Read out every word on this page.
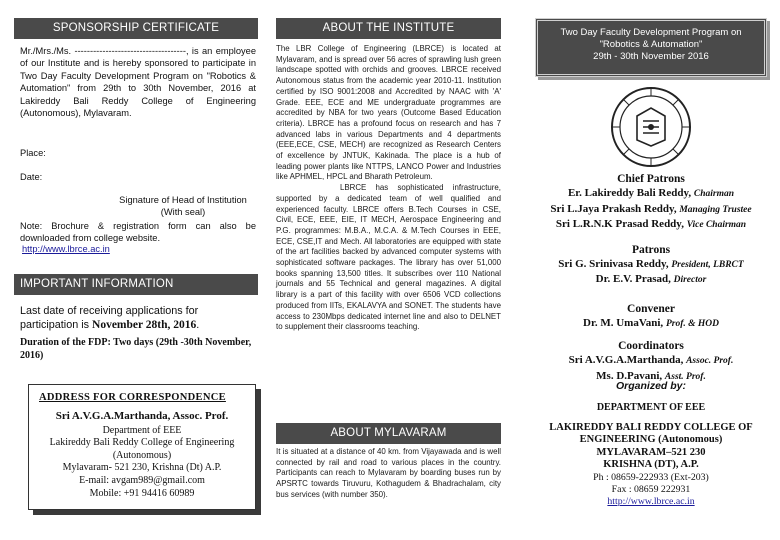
SPONSORSHIP CERTIFICATE
Mr./Mrs./Ms. ------------------------------------, is an employee of our Institute and is hereby sponsored to participate in Two Day Faculty Development Program on "Robotics & Automation" from 29th to 30th November, 2016 at Lakireddy Bali Reddy College of Engineering (Autonomous), Mylavaram.
Place:
Date:
Signature of Head of Institution
(With seal)
Note: Brochure & registration form can also be downloaded from college website.
http://www.lbrce.ac.in
IMPORTANT INFORMATION
Last date of receiving applications for participation is November 28th, 2016.
Duration of the FDP: Two days (29th -30th November, 2016)
ADDRESS FOR CORRESPONDENCE
Sri A.V.G.A.Marthanda, Assoc. Prof.
Department of EEE
Lakireddy Bali Reddy College of Engineering
(Autonomous)
Mylavaram- 521 230, Krishna (Dt) A.P.
E-mail: avgam989@gmail.com
Mobile: +91 94416 60989
ABOUT THE INSTITUTE

The LBR College of Engineering (LBRCE) is located at Mylavaram, and is spread over 56 acres of sprawling lush green landscape spotted with orchids and grooves. LBRCE received Autonomous status from the academic year 2010-11. Institution certified by ISO 9001:2008 and Accredited by NAAC with 'A' Grade. EEE, ECE and ME undergraduate programmes are accredited by NBA for two years (Outcome Based Education criteria). LBRCE has a profound focus on research and has 7 advanced labs in various Departments and 4 departments (EEE,ECE, CSE, MECH) are recognized as Research Centers of excellence by JNTUK, Kakinada. The place is a hub of leading power plants like NTTPS, LANCO Power and Industries like APHMEL, HPCL and Bharath Petroleum.

LBRCE has sophisticated infrastructure, supported by a dedicated team of well qualified and experienced faculty. LBRCE offers B.Tech Courses in CSE, Civil, ECE, EEE, EIE, IT MECH, Aerospace Engineering and P.G. programmes: M.B.A., M.C.A. & M.Tech Courses in EEE, ECE, CSE,IT and Mech. All laboratories are equipped with state of the art facilities backed by advanced computer systems with sophisticated software packages. The library has over 51,000 books spanning 13,500 titles. It subscribes over 110 National journals and 55 Technical and general magazines. A digital library is a part of this facility with over 6506 VCD collections produced from IITs, EKALAVYA and SONET. The students have access to 230Mbps dedicated internet line and also to DELNET to supplement their classrooms teaching.

ABOUT MYLAVARAM
It is situated at a distance of 40 km. from Vijayawada and is well connected by rail and road to various places in the country. Participants can reach to Mylavaram by boarding buses run by APSRTC towards Tiruvuru, Kothagudem & Bhadrachalam, city bus services (with number 350).
Two Day Faculty Development Program on
"Robotics & Automation"
29th - 30th November 2016
Chief Patrons
Er. Lakireddy Bali Reddy, Chairman
Sri L.Jaya Prakash Reddy, Managing Trustee
Sri L.R.N.K Prasad Reddy, Vice Chairman
Patrons
Sri G. Srinivasa Reddy, President, LBRCT
Dr. E.V. Prasad, Director
Convener
Dr. M. UmaVani, Prof. & HOD
Coordinators
Sri A.V.G.A.Marthanda, Assoc. Prof.
Ms. D.Pavani, Asst. Prof.
Organized by:
DEPARTMENT OF EEE
LAKIREDDY BALI REDDY COLLEGE OF
ENGINEERING (Autonomous)
MYLAVARAM–521 230
KRISHNA (DT), A.P.
Ph : 08659-222933 (Ext-203)
Fax : 08659 222931
http://www.lbrce.ac.in
